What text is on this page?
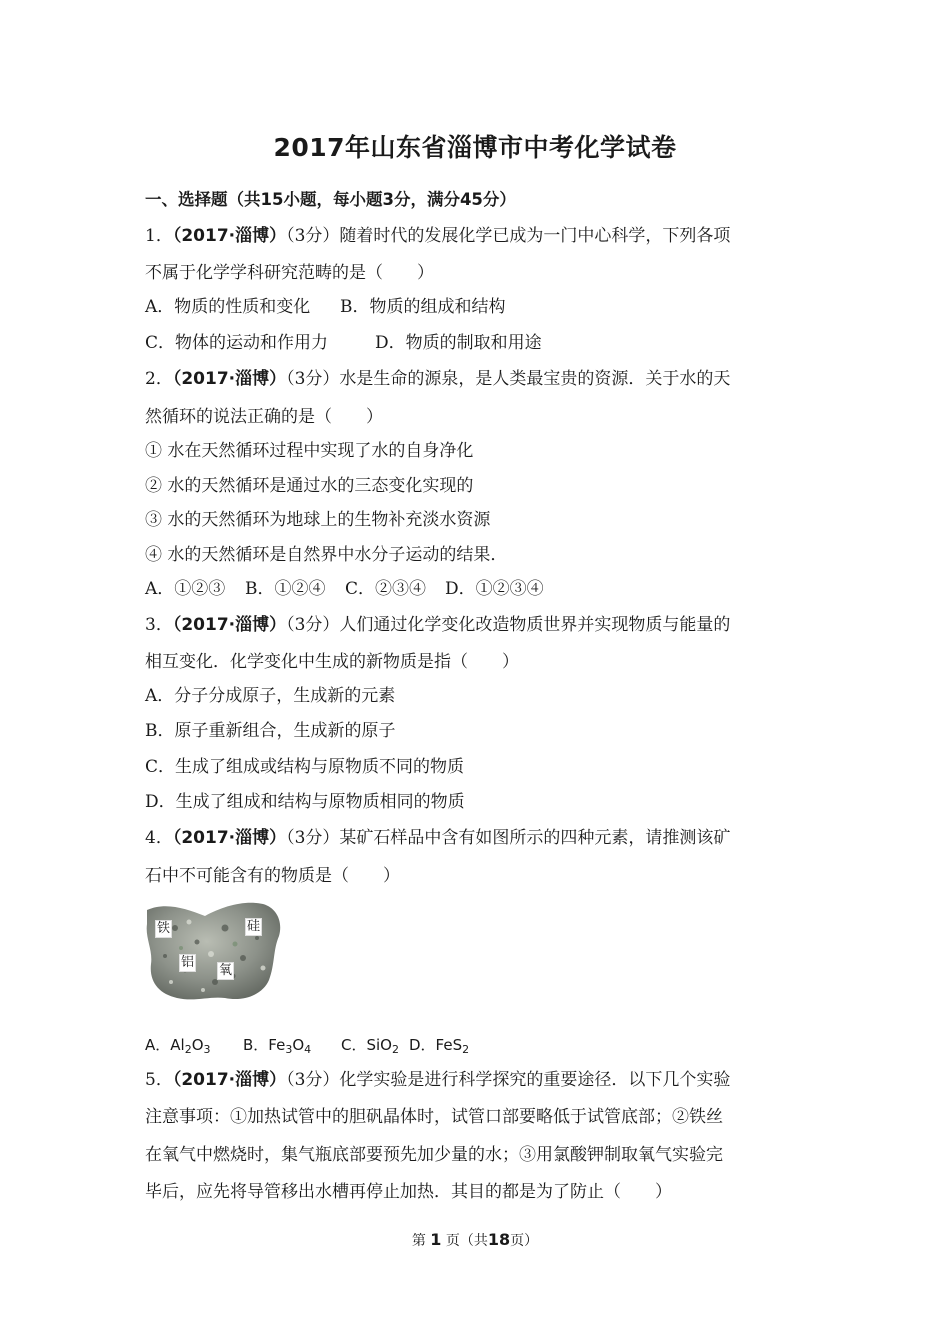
2017年山东省淄博市中考化学试卷
一、选择题（共15小题，每小题3分，满分45分）
1．（2017·淄博）（3分）随着时代的发展化学已成为一门中心科学，下列各项
不属于化学学科研究范畴的是（　　）
A．物质的性质和变化 B．物质的组成和结构
C．物体的运动和作用力	D．物质的制取和用途
2．（2017·淄博）（3分）水是生命的源泉，是人类最宝贵的资源．关于水的天
然循环的说法正确的是（　　）
① 水在天然循环过程中实现了水的自身净化
② 水的天然循环是通过水的三态变化实现的
③ 水的天然循环为地球上的生物补充淡水资源
④ 水的天然循环是自然界中水分子运动的结果．
A．①②③ B．①②④ C．②③④ D．①②③④
3．（2017·淄博）（3分）人们通过化学变化改造物质世界并实现物质与能量的
相互变化．化学变化中生成的新物质是指（　　）
A．分子分成原子，生成新的元素
B．原子重新组合，生成新的原子
C．生成了组成或结构与原物质不同的物质
D．生成了组成和结构与原物质相同的物质
4．（2017·淄博）（3分）某矿石样品中含有如图所示的四种元素，请推测该矿
石中不可能含有的物质是（　　）
铁	硅
铝
氧
A．$Al_2O_3$ B．$Fe_3O_4$ C．SiO$_2$ D．FeS$_2$
5．（2017·淄博）（3分）化学实验是进行科学探究的重要途径．以下几个实验
注意事项：①加热试管中的胆矾晶体时，试管口部要略低于试管底部；②铁丝
在氧气中燃烧时，集气瓶底部要预先加少量的水；③用氯酸钾制取氧气实验完
毕后，应先将导管移出水槽再停止加热．其目的都是为了防止（　　）
第 1 页（共18页）
